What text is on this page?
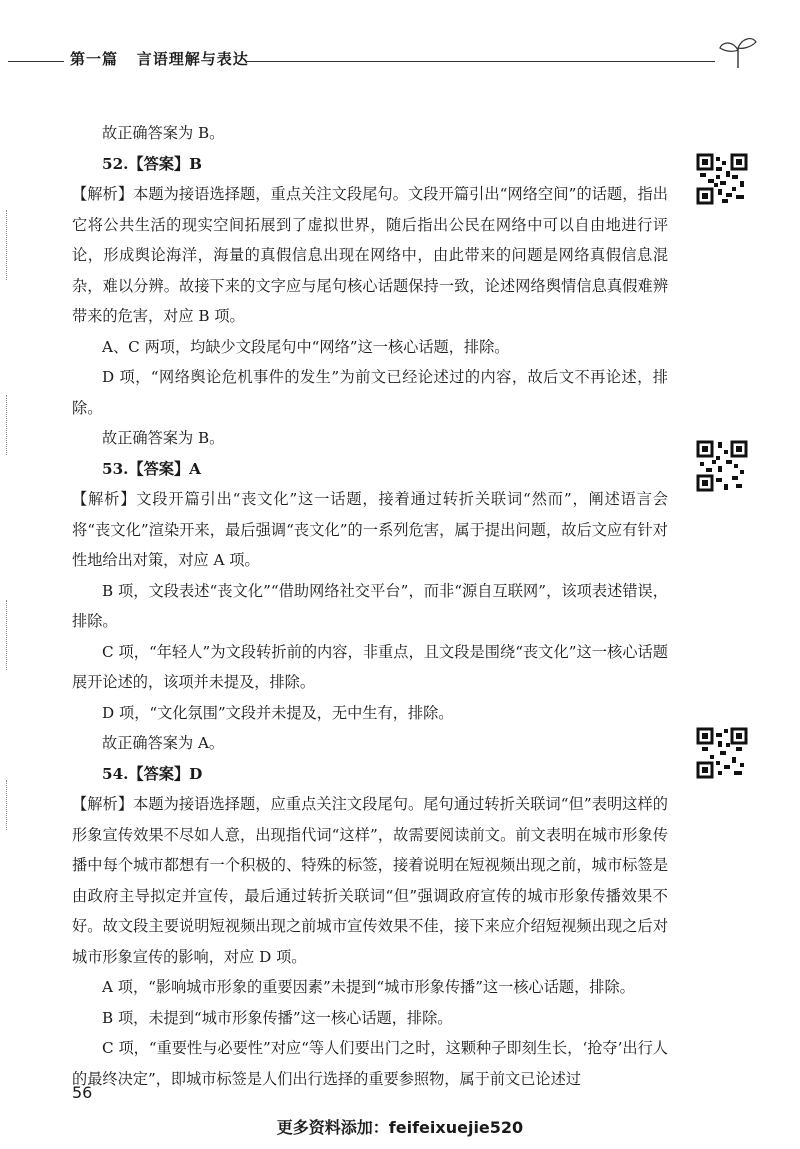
第一篇 言语理解与表达

故正确答案为 B。

52.【答案】B

【解析】本题为接语选择题，重点关注文段尾句。文段开篇引出“网络空间”的话题，指出它将公共生活的现实空间拓展到了虚拟世界，随后指出公民在网络中可以自由地进行评论，形成舆论海洋，海量的真假信息出现在网络中，由此带来的问题是网络真假信息混杂，难以分辨。故接下来的文字应与尾句核心话题保持一致，论述网络舆情信息真假难辨带来的危害，对应 B 项。

A、C 两项，均缺少文段尾句中“网络”这一核心话题，排除。

D 项，“网络舆论危机事件的发生”为前文已经论述过的内容，故后文不再论述，排除。

故正确答案为 B。

53.【答案】A

【解析】文段开篇引出“丧文化”这一话题，接着通过转折关联词“然而”，阐述语言会将“丧文化”渲染开来，最后强调“丧文化”的一系列危害，属于提出问题，故后文应有针对性地给出对策，对应 A 项。

B 项，文段表述“丧文化”“借助网络社交平台”，而非“源自互联网”，该项表述错误，排除。

C 项，“年轻人”为文段转折前的内容，非重点，且文段是围绕“丧文化”这一核心话题展开论述的，该项并未提及，排除。

D 项，“文化氛围”文段并未提及，无中生有，排除。

故正确答案为 A。

54.【答案】D

【解析】本题为接语选择题，应重点关注文段尾句。尾句通过转折关联词“但”表明这样的形象宣传效果不尽如人意，出现指代词“这样”，故需要阅读前文。前文表明在城市形象传播中每个城市都想有一个积极的、特殊的标签，接着说明在短视频出现之前，城市标签是由政府主导拟定并宣传，最后通过转折关联词“但”强调政府宣传的城市形象传播效果不好。故文段主要说明短视频出现之前城市宣传效果不佳，接下来应介绍短视频出现之后对城市形象宣传的影响，对应 D 项。

A 项，“影响城市形象的重要因素”未提到“城市形象传播”这一核心话题，排除。

B 项，未提到“城市形象传播”这一核心话题，排除。

C 项，“重要性与必要性”对应“等人们要出门之时，这颗种子即刻生长，‘抢夺’出行人的最终决定”，即城市标签是人们出行选择的重要参照物，属于前文已论述过

56
更多资料添加：feifeixuejie520
